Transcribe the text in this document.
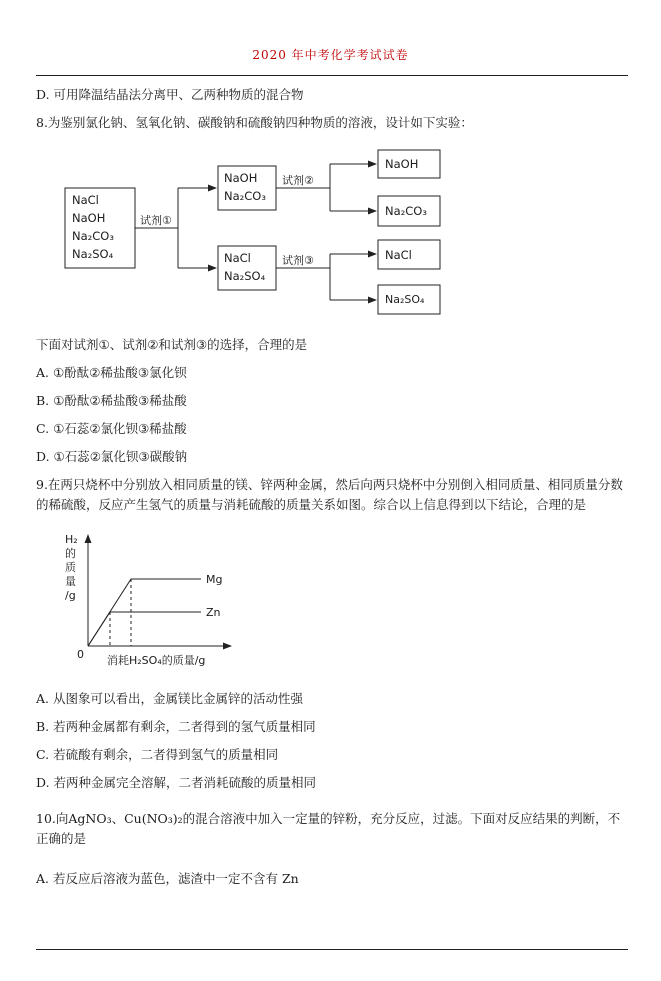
2020 年中考化学考试试卷

D. 可用降温结晶法分离甲、乙两种物质的混合物

8.为鉴别氯化钠、氢氧化钠、碳酸钠和硫酸钠四种物质的溶液，设计如下实验：

NaCl
NaOH
Na₂CO₃
Na₂SO₄
试剂①
NaOH
Na₂CO₃
NaCl
Na₂SO₄
试剂②
试剂③
NaOH
Na₂CO₃
NaCl
Na₂SO₄

下面对试剂①、试剂②和试剂③的选择，合理的是

A. ①酚酞②稀盐酸③氯化钡

B. ①酚酞②稀盐酸③稀盐酸

C. ①石蕊②氯化钡③稀盐酸

D. ①石蕊②氯化钡③碳酸钠

9.在两只烧杯中分别放入相同质量的镁、锌两种金属，然后向两只烧杯中分别倒入相同质量、相同质量分数的稀硫酸，反应产生氢气的质量与消耗硫酸的质量关系如图。综合以上信息得到以下结论，合理的是

H₂
的
质
量
/g
Mg
Zn
0 消耗H₂SO₄的质量/g

A. 从图象可以看出，金属镁比金属锌的活动性强

B. 若两种金属都有剩余，二者得到的氢气质量相同

C. 若硫酸有剩余，二者得到氢气的质量相同

D. 若两种金属完全溶解，二者消耗硫酸的质量相同

10.向AgNO₃、Cu(NO₃)₂的混合溶液中加入一定量的锌粉，充分反应，过滤。下面对反应结果的判断，不正确的是

A. 若反应后溶液为蓝色，滤渣中一定不含有 Zn
